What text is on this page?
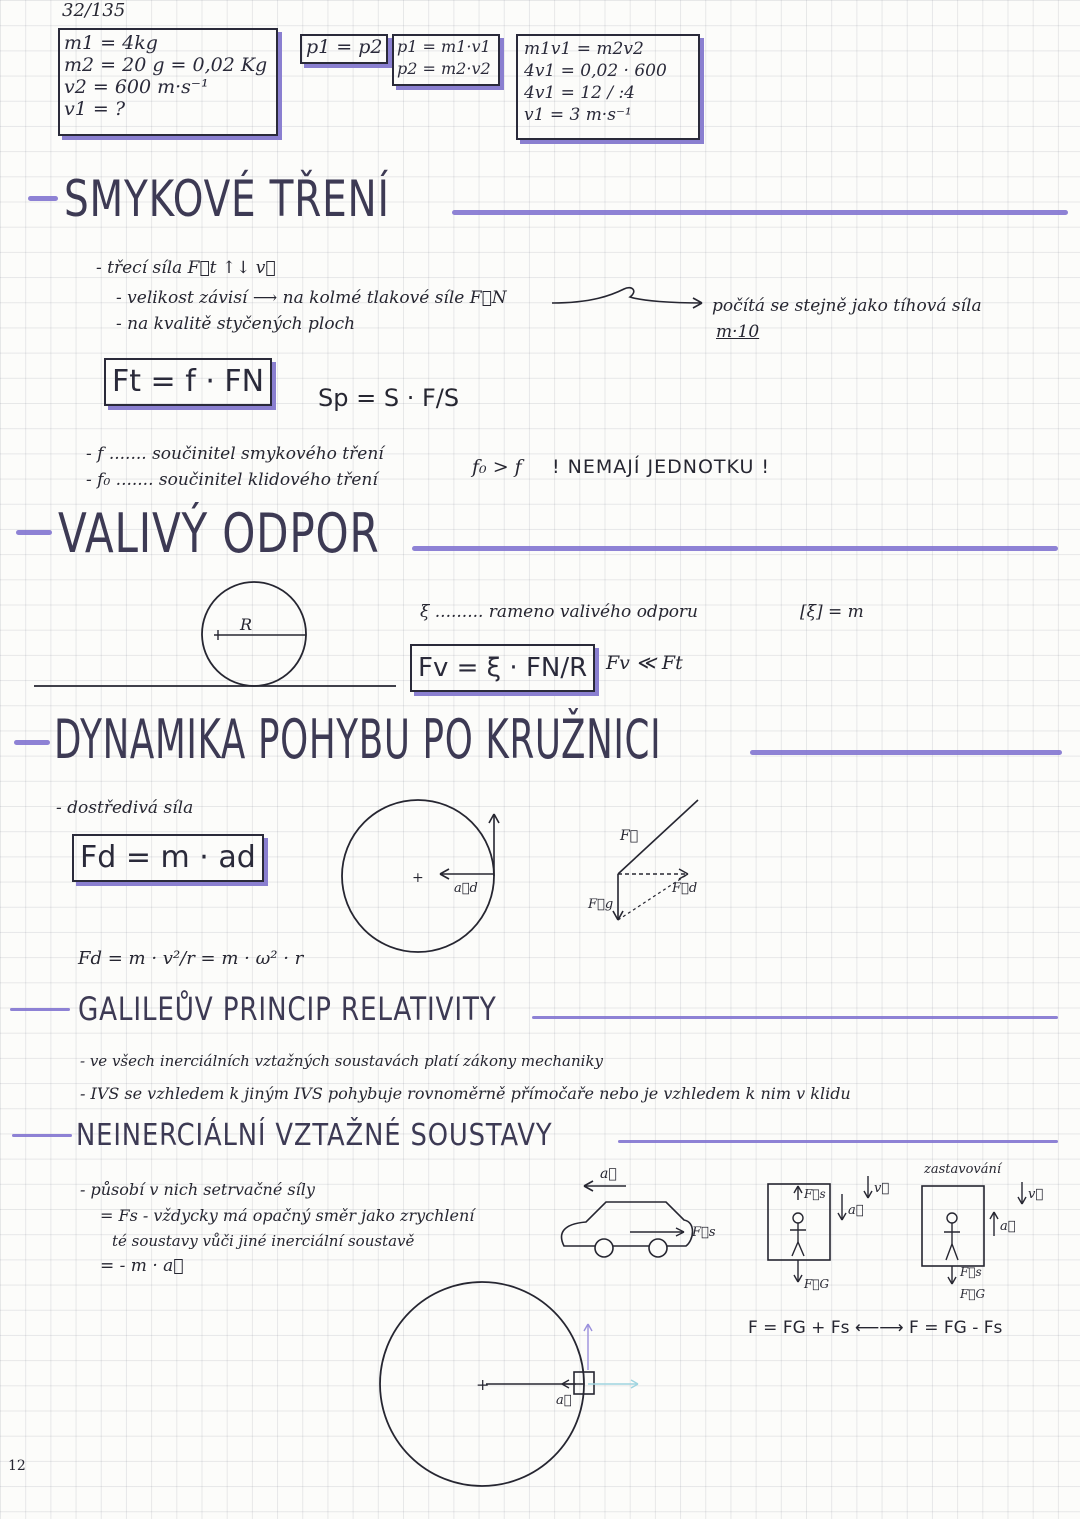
32/135
m1 = 4kg
m2 = 20 g = 0,02 Kg
v2 = 600 m·s⁻¹
v1 = ?
p1 = p2 p1 = m1·v1
p2 = m2·v2
m1v1 = m2v2
4v1 = 0,02 · 600
4v1 = 12 / :4
v1 = 3 m·s⁻¹
SMYKOVÉ TŘENÍ
- třecí síla F⃗t ↑↓ v⃗
- velikost závisí ⟶ na kolmé tlakové síle F⃗N
- na kvalitě styčených ploch
počítá se stejně jako tíhová síla
m·10
Ft = f · FN	Sp = S · F/S
- f ....... součinitel smykového tření
- f₀ ....... součinitel klidového tření
f₀ > f ! NEMAJÍ JEDNOTKU !
VALIVÝ ODPOR
R
ξ ......... rameno valivého odporu	[ξ] = m
Fv = ξ · FN/R Fv ≪ Ft
DYNAMIKA POHYBU PO KRUŽNICI
- dostředivá síla
Fd = m · ad
Fd = m · v²/r = m · ω² · r
+
a⃗d
F⃗
F⃗g
F⃗d
GALILEŮV PRINCIP RELATIVITY
- ve všech inerciálních vztažných soustavách platí zákony mechaniky
- IVS se vzhledem k jiným IVS pohybuje rovnoměrně přímočaře nebo je vzhledem k nim v klidu
NEINERCIÁLNÍ VZTAŽNÉ SOUSTAVY
- působí v nich setrvačné síly
= Fs - vždycky má opačný směr jako zrychlení
té soustavy vůči jiné inerciální soustavě
= - m · a⃗
a⃗
F⃗s
F⃗s
F⃗G
a⃗
v⃗
zastavování
F⃗s
F⃗G
a⃗
v⃗
F = FG + Fs ⟵⟶ F = FG - Fs
+
a⃗
12
